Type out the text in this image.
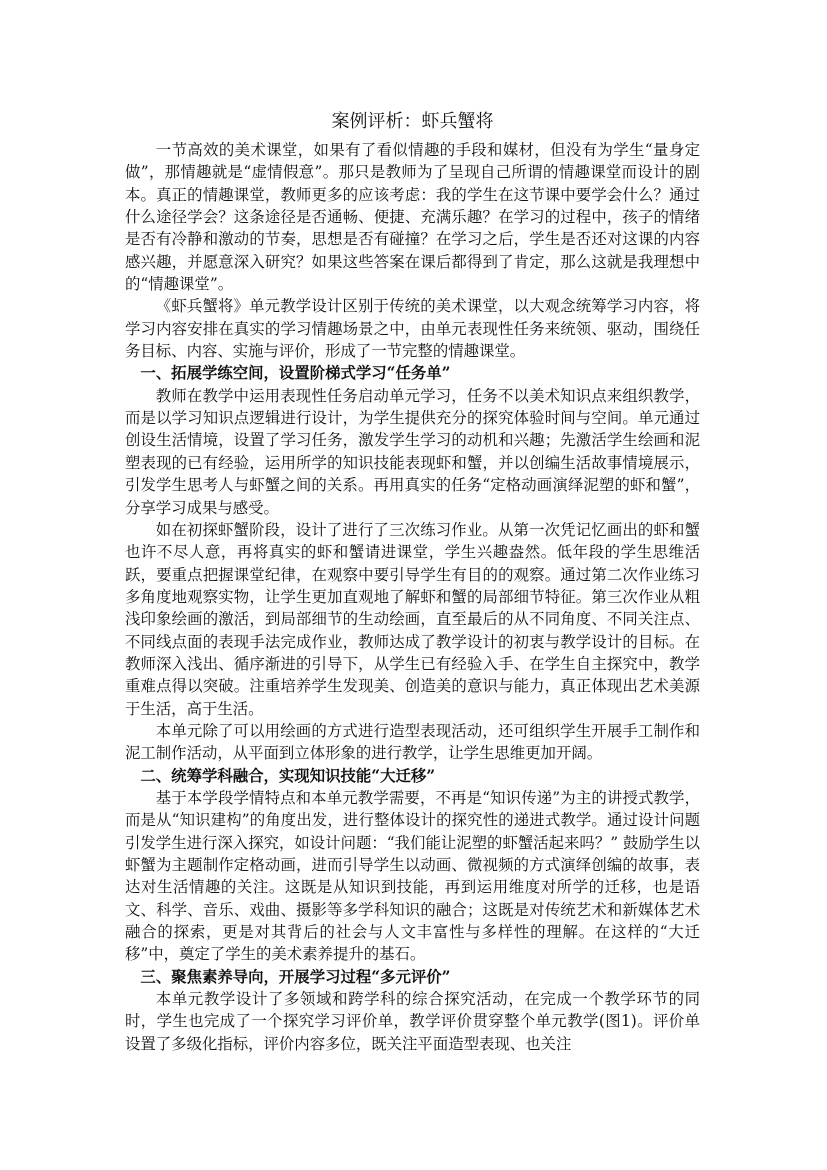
案例评析：虾兵蟹将

一节高效的美术课堂，如果有了看似情趣的手段和媒材，但没有为学生“量身定做”，那情趣就是“虚情假意”。那只是教师为了呈现自己所谓的情趣课堂而设计的剧本。真正的情趣课堂，教师更多的应该考虑：我的学生在这节课中要学会什么？通过什么途径学会？这条途径是否通畅、便捷、充满乐趣？在学习的过程中，孩子的情绪是否有冷静和激动的节奏，思想是否有碰撞？在学习之后，学生是否还对这课的内容感兴趣，并愿意深入研究？如果这些答案在课后都得到了肯定，那么这就是我理想中的“情趣课堂”。

《虾兵蟹将》单元教学设计区别于传统的美术课堂，以大观念统筹学习内容，将学习内容安排在真实的学习情趣场景之中，由单元表现性任务来统领、驱动，围绕任务目标、内容、实施与评价，形成了一节完整的情趣课堂。

一、拓展学练空间，设置阶梯式学习“任务单”

教师在教学中运用表现性任务启动单元学习，任务不以美术知识点来组织教学，而是以学习知识点逻辑进行设计，为学生提供充分的探究体验时间与空间。单元通过创设生活情境，设置了学习任务，激发学生学习的动机和兴趣；先激活学生绘画和泥塑表现的已有经验，运用所学的知识技能表现虾和蟹，并以创编生活故事情境展示，引发学生思考人与虾蟹之间的关系。再用真实的任务“定格动画演绎泥塑的虾和蟹”，分享学习成果与感受。

如在初探虾蟹阶段，设计了进行了三次练习作业。从第一次凭记忆画出的虾和蟹也许不尽人意，再将真实的虾和蟹请进课堂，学生兴趣盎然。低年段的学生思维活跃，要重点把握课堂纪律，在观察中要引导学生有目的的观察。通过第二次作业练习多角度地观察实物，让学生更加直观地了解虾和蟹的局部细节特征。第三次作业从粗浅印象绘画的激活，到局部细节的生动绘画，直至最后的从不同角度、不同关注点、不同线点面的表现手法完成作业，教师达成了教学设计的初衷与教学设计的目标。在教师深入浅出、循序渐进的引导下，从学生已有经验入手、在学生自主探究中，教学重难点得以突破。注重培养学生发现美、创造美的意识与能力，真正体现出艺术美源于生活，高于生活。

本单元除了可以用绘画的方式进行造型表现活动，还可组织学生开展手工制作和泥工制作活动，从平面到立体形象的进行教学，让学生思维更加开阔。

二、统筹学科融合，实现知识技能“大迁移”

基于本学段学情特点和本单元教学需要，不再是“知识传递”为主的讲授式教学，而是从“知识建构”的角度出发，进行整体设计的探究性的递进式教学。通过设计问题引发学生进行深入探究，如设计问题：“我们能让泥塑的虾蟹活起来吗？” 鼓励学生以虾蟹为主题制作定格动画，进而引导学生以动画、微视频的方式演绎创编的故事，表达对生活情趣的关注。这既是从知识到技能，再到运用维度对所学的迁移，也是语文、科学、音乐、戏曲、摄影等多学科知识的融合；这既是对传统艺术和新媒体艺术融合的探索，更是对其背后的社会与人文丰富性与多样性的理解。在这样的“大迁移”中，奠定了学生的美术素养提升的基石。

三、聚焦素养导向，开展学习过程“多元评价”

本单元教学设计了多领域和跨学科的综合探究活动，在完成一个教学环节的同时，学生也完成了一个探究学习评价单，教学评价贯穿整个单元教学(图1)。评价单设置了多级化指标，评价内容多位，既关注平面造型表现、也关注
